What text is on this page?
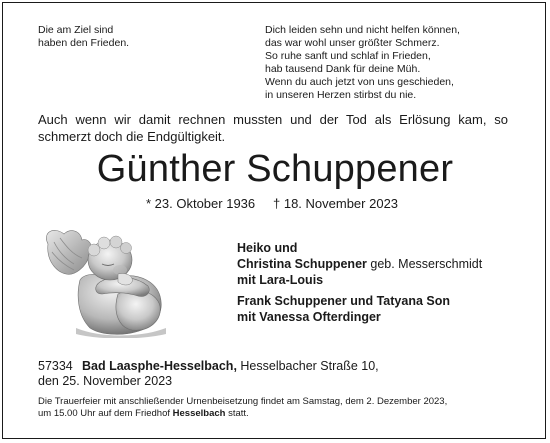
Die am Ziel sind
haben den Frieden.
Dich leiden sehn und nicht helfen können,
das war wohl unser größter Schmerz.
So ruhe sanft und schlaf in Frieden,
hab tausend Dank für deine Müh.
Wenn du auch jetzt von uns geschieden,
in unseren Herzen stirbst du nie.
Auch wenn wir damit rechnen mussten und der Tod als Erlösung kam, so schmerzt doch die Endgültigkeit.
Günther Schuppener
* 23. Oktober 1936 † 18. November 2023
Heiko und
Christina Schuppener geb. Messerschmidt
mit Lara-Louis
Frank Schuppener und Tatyana Son
mit Vanessa Ofterdinger
57334 Bad Laasphe-Hesselbach, Hesselbacher Straße 10,
den 25. November 2023
Die Trauerfeier mit anschließender Urnenbeisetzung findet am Samstag, dem 2. Dezember 2023,
um 15.00 Uhr auf dem Friedhof Hesselbach statt.
